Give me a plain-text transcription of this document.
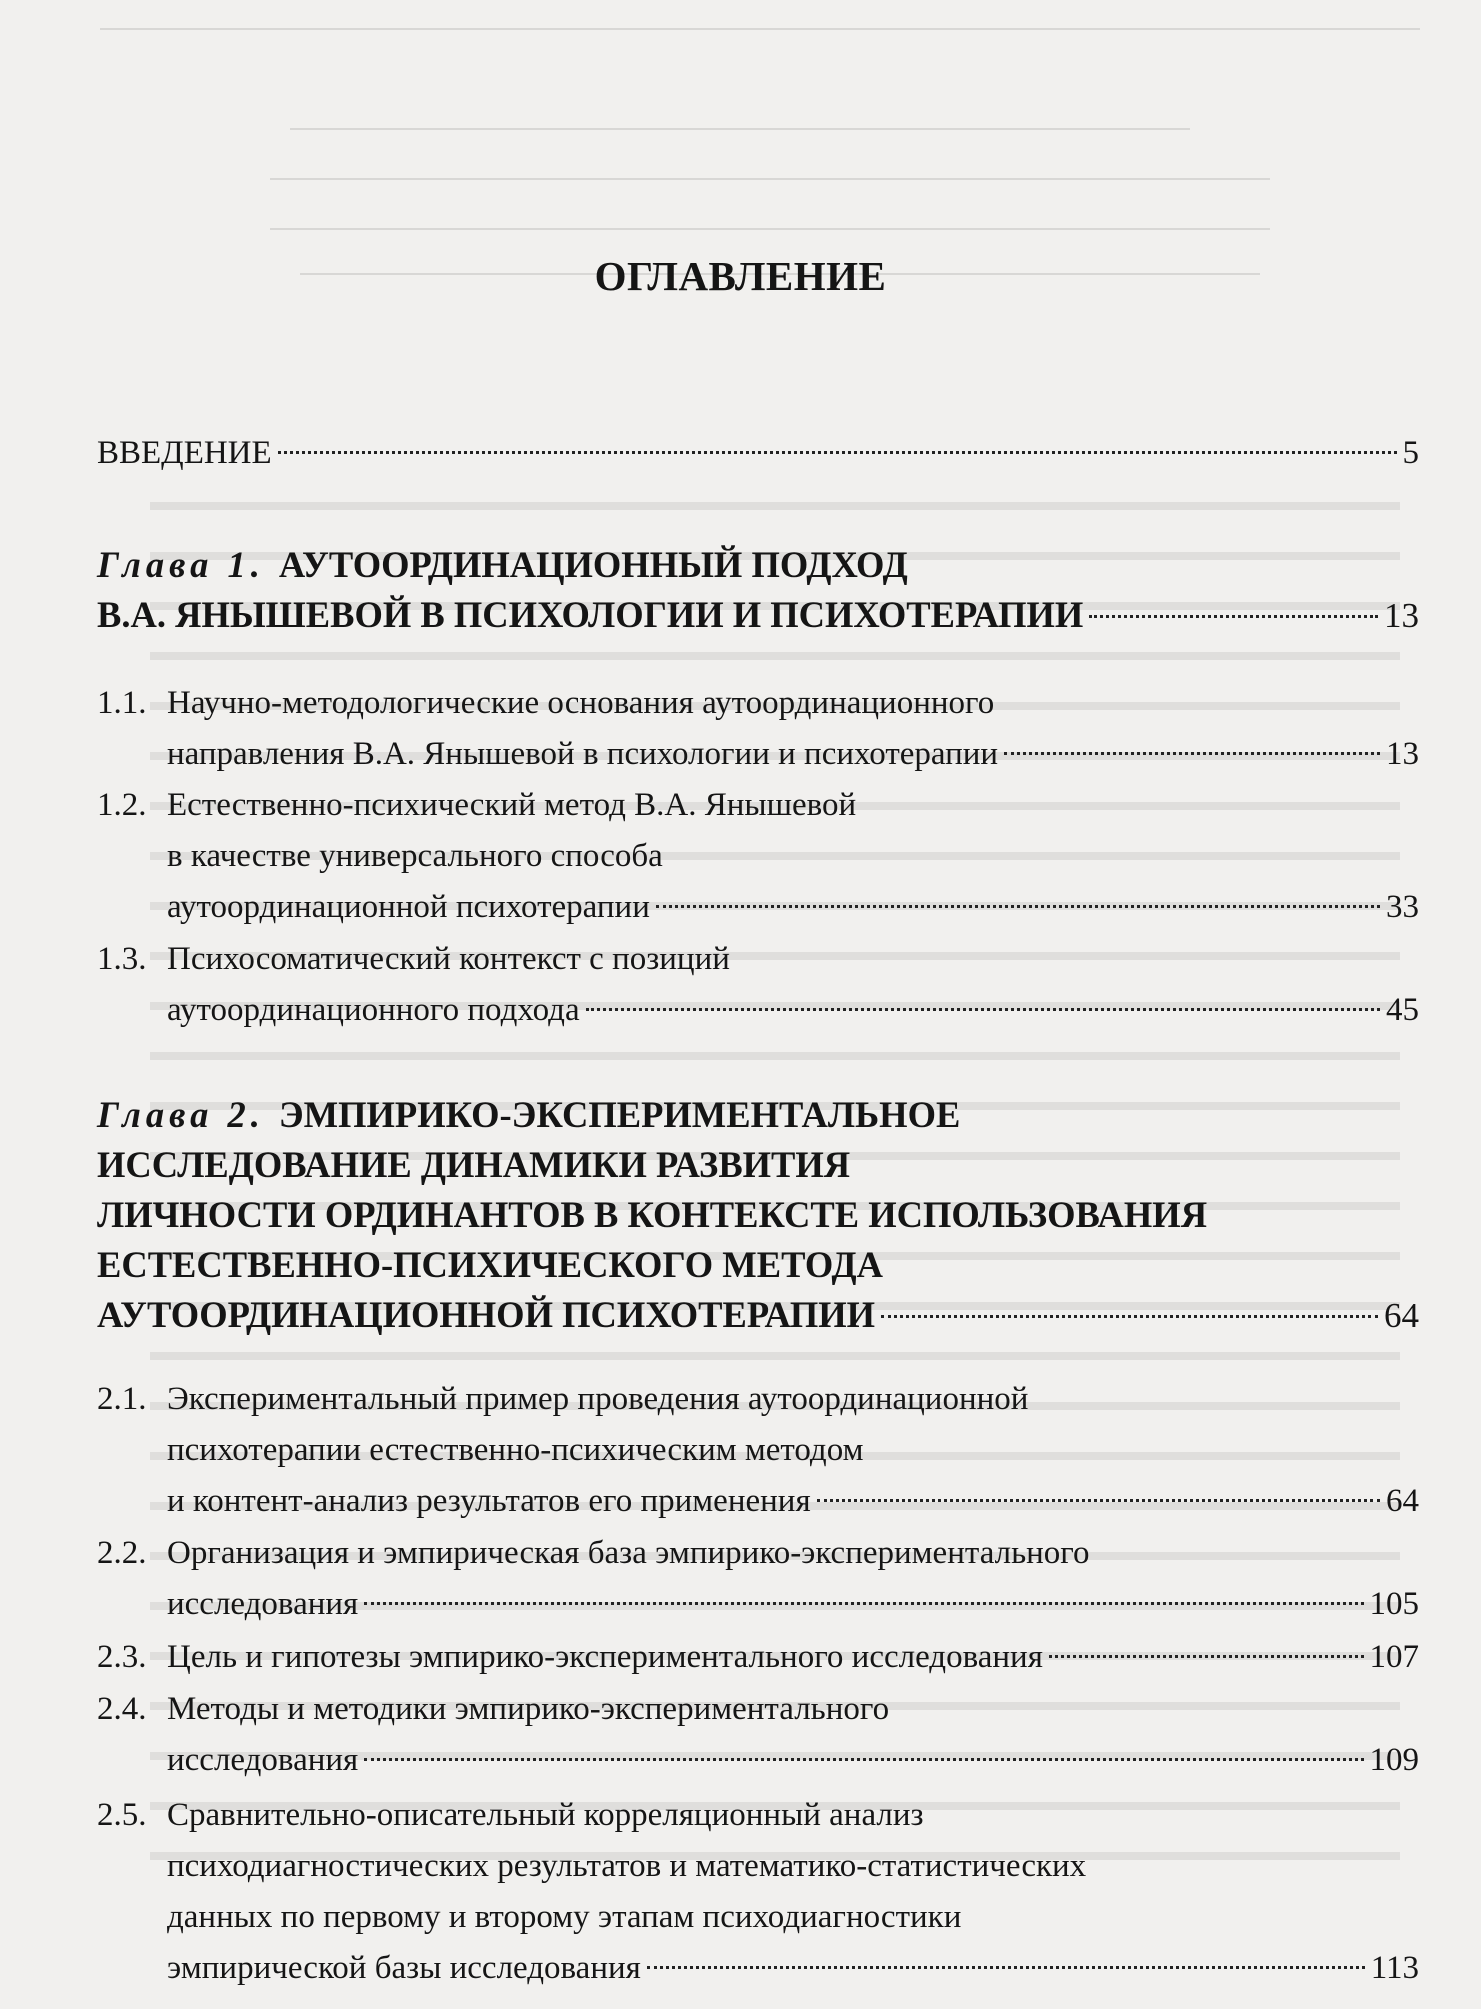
ОГЛАВЛЕНИЕ
ВВЕДЕНИЕ	5
Глава 1. АУТООРДИНАЦИОННЫЙ ПОДХОД
В.А. ЯНЫШЕВОЙ В ПСИХОЛОГИИ И ПСИХОТЕРАПИИ	13
1.1. Научно-методологические основания аутоординационного
направления В.А. Янышевой в психологии и психотерапии	13
1.2. Естественно-психический метод В.А. Янышевой
в качестве универсального способа
аутоординационной психотерапии	33
1.3. Психосоматический контекст с позиций
аутоординационного подхода	45
Глава 2. ЭМПИРИКО-ЭКСПЕРИМЕНТАЛЬНОЕ
ИССЛЕДОВАНИЕ ДИНАМИКИ РАЗВИТИЯ
ЛИЧНОСТИ ОРДИНАНТОВ В КОНТЕКСТЕ ИСПОЛЬЗОВАНИЯ
ЕСТЕСТВЕННО-ПСИХИЧЕСКОГО МЕТОДА
АУТООРДИНАЦИОННОЙ ПСИХОТЕРАПИИ	64
2.1. Экспериментальный пример проведения аутоординационной
психотерапии естественно-психическим методом
и контент-анализ результатов его применения	64
2.2. Организация и эмпирическая база эмпирико-экспериментального
исследования	105
2.3. Цель и гипотезы эмпирико-экспериментального исследования	107
2.4. Методы и методики эмпирико-экспериментального
исследования	109
2.5. Сравнительно-описательный корреляционный анализ
психодиагностических результатов и математико-статистических
данных по первому и второму этапам психодиагностики
эмпирической базы исследования	113
